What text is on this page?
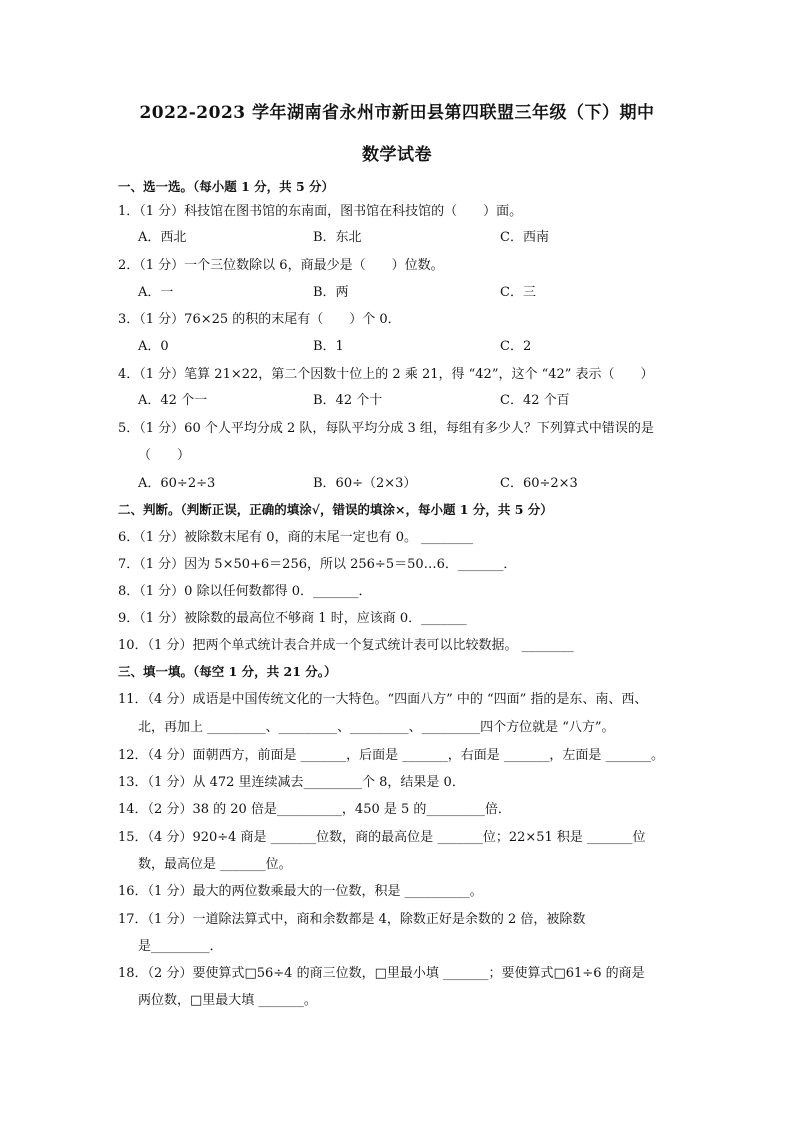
2022-2023 学年湖南省永州市新田县第四联盟三年级（下）期中
数学试卷
一、选一选。（每小题 1 分，共 5 分）
1．（1 分）科技馆在图书馆的东南面，图书馆在科技馆的（　　）面。
A．西北	B．东北	C．西南
2．（1 分）一个三位数除以 6，商最少是（　　）位数。
A．一	B．两	C．三
3．（1 分）76×25 的积的末尾有（　　）个 0．
A．0	B．1	C．2
4．（1 分）笔算 21×22，第二个因数十位上的 2 乘 21，得 “42”，这个 “42” 表示（　　）
A．42 个一	B．42 个十	C．42 个百
5．（1 分）60 个人平均分成 2 队，每队平均分成 3 组，每组有多少人？下列算式中错误的是
（　　）
A．60÷2÷3	B．60÷（2×3）	C．60÷2×3
二、判断。（判断正误，正确的填涂√，错误的填涂×，每小题 1 分，共 5 分）
6．（1 分）被除数末尾有 0，商的末尾一定也有 0。 ________
7．（1 分）因为 5×50+6＝256，所以 256÷5＝50…6．_______．
8．（1 分）0 除以任何数都得 0．_______．
9．（1 分）被除数的最高位不够商 1 时，应该商 0．_______
10．（1 分）把两个单式统计表合并成一个复式统计表可以比较数据。 ________
三、填一填。（每空 1 分，共 21 分。）
11．（4 分）成语是中国传统文化的一大特色。“四面八方” 中的 “四面” 指的是东、南、西、
北，再加上 _________、_________、_________、_________四个方位就是 “八方”。
12．（4 分）面朝西方，前面是 _______，后面是 _______，右面是 _______，左面是 _______。
13．（1 分）从 472 里连续减去_________个 8，结果是 0．
14．（2 分）38 的 20 倍是__________，450 是 5 的_________倍．
15．（4 分）920÷4 商是 _______位数，商的最高位是 _______位；22×51 积是 _______位
数，最高位是 _______位。
16．（1 分）最大的两位数乘最大的一位数，积是 __________。
17．（1 分）一道除法算式中，商和余数都是 4，除数正好是余数的 2 倍，被除数
是_________．
18．（2 分）要使算式□56÷4 的商三位数，□里最小填 _______；要使算式□61÷6 的商是
两位数，□里最大填 _______。
